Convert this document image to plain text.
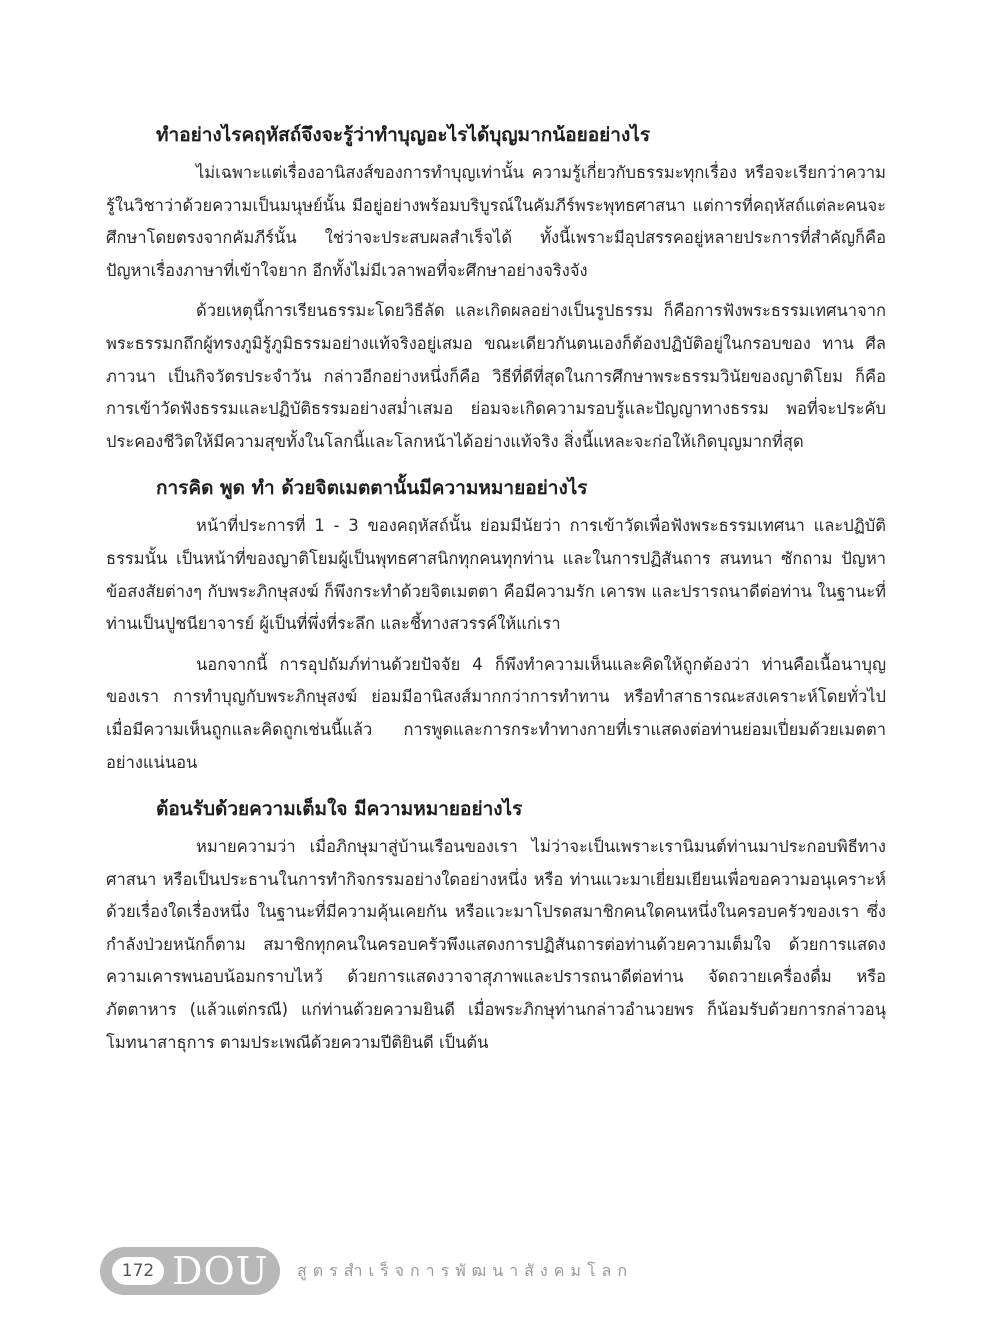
ทำอย่างไรคฤหัสถ์จึงจะรู้ว่าทำบุญอะไรได้บุญมากน้อยอย่างไร

ไม่เฉพาะแต่เรื่องอานิสงส์ของการทำบุญเท่านั้น ความรู้เกี่ยวกับธรรมะทุกเรื่อง หรือจะเรียกว่าความรู้ในวิชาว่าด้วยความเป็นมนุษย์นั้น มีอยู่อย่างพร้อมบริบูรณ์ในคัมภีร์พระพุทธศาสนา แต่การที่คฤหัสถ์แต่ละคนจะศึกษาโดยตรงจากคัมภีร์นั้น ใช่ว่าจะประสบผลสำเร็จได้ ทั้งนี้เพราะมีอุปสรรคอยู่หลายประการที่สำคัญก็คือ ปัญหาเรื่องภาษาที่เข้าใจยาก อีกทั้งไม่มีเวลาพอที่จะศึกษาอย่างจริงจัง

ด้วยเหตุนี้การเรียนธรรมะโดยวิธีลัด และเกิดผลอย่างเป็นรูปธรรม ก็คือการฟังพระธรรมเทศนาจากพระธรรมกถึกผู้ทรงภูมิรู้ภูมิธรรมอย่างแท้จริงอยู่เสมอ ขณะเดียวกันตนเองก็ต้องปฏิบัติอยู่ในกรอบของ ทาน ศีล ภาวนา เป็นกิจวัตรประจำวัน กล่าวอีกอย่างหนึ่งก็คือ วิธีที่ดีที่สุดในการศึกษาพระธรรมวินัยของญาติโยม ก็คือการเข้าวัดฟังธรรมและปฏิบัติธรรมอย่างสม่ำเสมอ ย่อมจะเกิดความรอบรู้และปัญญาทางธรรม พอที่จะประคับประคองชีวิตให้มีความสุขทั้งในโลกนี้และโลกหน้าได้อย่างแท้จริง สิ่งนี้แหละจะก่อให้เกิดบุญมากที่สุด

การคิด พูด ทำ ด้วยจิตเมตตานั้นมีความหมายอย่างไร

หน้าที่ประการที่ 1 - 3 ของคฤหัสถ์นั้น ย่อมมีนัยว่า การเข้าวัดเพื่อฟังพระธรรมเทศนา และปฏิบัติธรรมนั้น เป็นหน้าที่ของญาติโยมผู้เป็นพุทธศาสนิกทุกคนทุกท่าน และในการปฏิสันถาร สนทนา ซักถาม ปัญหาข้อสงสัยต่างๆ กับพระภิกษุสงฆ์ ก็พึงกระทำด้วยจิตเมตตา คือมีความรัก เคารพ และปรารถนาดีต่อท่าน ในฐานะที่ท่านเป็นปูชนียาจารย์ ผู้เป็นที่พึ่งที่ระลึก และชี้ทางสวรรค์ให้แก่เรา

นอกจากนี้ การอุปถัมภ์ท่านด้วยปัจจัย 4 ก็พึงทำความเห็นและคิดให้ถูกต้องว่า ท่านคือเนื้อนาบุญของเรา การทำบุญกับพระภิกษุสงฆ์ ย่อมมีอานิสงส์มากกว่าการทำทาน หรือทำสาธารณะสงเคราะห์โดยทั่วไป เมื่อมีความเห็นถูกและคิดถูกเช่นนี้แล้ว การพูดและการกระทำทางกายที่เราแสดงต่อท่านย่อมเปี่ยมด้วยเมตตาอย่างแน่นอน

ต้อนรับด้วยความเต็มใจ มีความหมายอย่างไร

หมายความว่า เมื่อภิกษุมาสู่บ้านเรือนของเรา ไม่ว่าจะเป็นเพราะเรานิมนต์ท่านมาประกอบพิธีทางศาสนา หรือเป็นประธานในการทำกิจกรรมอย่างใดอย่างหนึ่ง หรือ ท่านแวะมาเยี่ยมเยียนเพื่อขอความอนุเคราะห์ด้วยเรื่องใดเรื่องหนึ่ง ในฐานะที่มีความคุ้นเคยกัน หรือแวะมาโปรดสมาชิกคนใดคนหนึ่งในครอบครัวของเรา ซึ่งกำลังป่วยหนักก็ตาม สมาชิกทุกคนในครอบครัวพึงแสดงการปฏิสันถารต่อท่านด้วยความเต็มใจ ด้วยการแสดงความเคารพนอบน้อมกราบไหว้ ด้วยการแสดงวาจาสุภาพและปรารถนาดีต่อท่าน จัดถวายเครื่องดื่ม หรือภัตตาหาร (แล้วแต่กรณี) แก่ท่านด้วยความยินดี เมื่อพระภิกษุท่านกล่าวอำนวยพร ก็น้อมรับด้วยการกล่าวอนุโมทนาสาธุการ ตามประเพณีด้วยความปีติยินดี เป็นต้น

172 DOU สูตรสำเร็จการพัฒนาสังคมโลก
